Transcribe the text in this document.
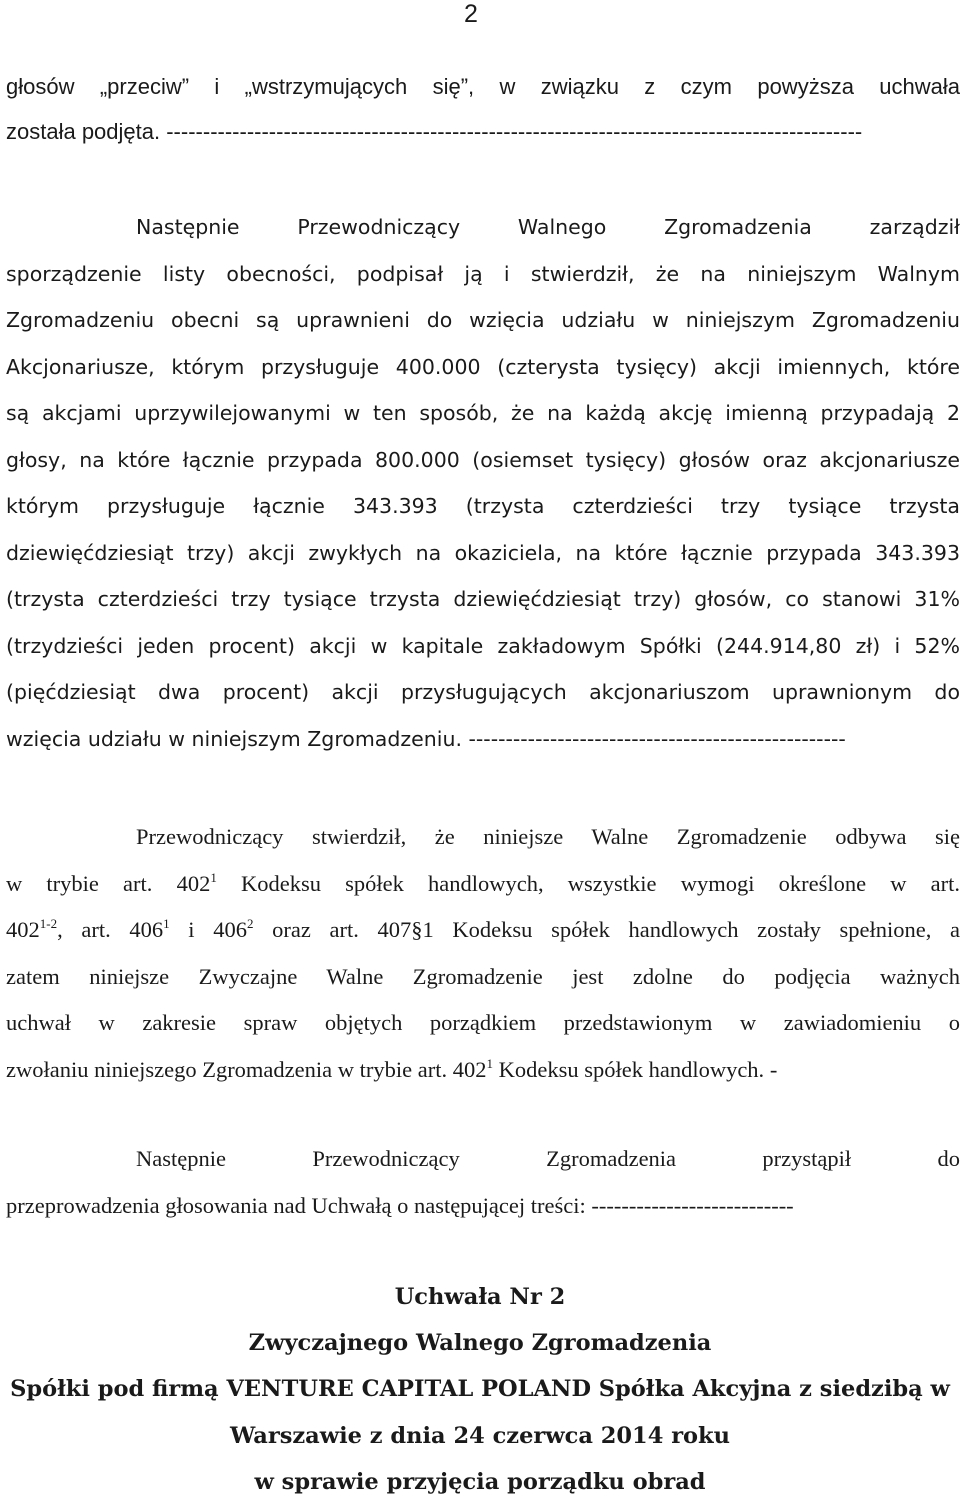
2
głosów „przeciw” i „wstrzymujących się”, w związku z czym powyższa uchwała
została podjęta. -----------------------------------------------------------------------------------------------
Następnie Przewodniczący Walnego Zgromadzenia zarządził
sporządzenie listy obecności, podpisał ją i stwierdził, że na niniejszym Walnym
Zgromadzeniu obecni są uprawnieni do wzięcia udziału w niniejszym Zgromadzeniu
Akcjonariusze, którym przysługuje 400.000 (czterysta tysięcy) akcji imiennych, które
są akcjami uprzywilejowanymi w ten sposób, że na każdą akcję imienną przypadają 2
głosy, na które łącznie przypada 800.000 (osiemset tysięcy) głosów oraz akcjonariusze
którym przysługuje łącznie 343.393 (trzysta czterdzieści trzy tysiące trzysta
dziewięćdziesiąt trzy) akcji zwykłych na okaziciela, na które łącznie przypada 343.393
(trzysta czterdzieści trzy tysiące trzysta dziewięćdziesiąt trzy) głosów, co stanowi 31%
(trzydzieści jeden procent) akcji w kapitale zakładowym Spółki (244.914,80 zł) i 52%
(pięćdziesiąt dwa procent) akcji przysługujących akcjonariuszom uprawnionym do
wzięcia udziału w niniejszym Zgromadzeniu. ---------------------------------------------------
Przewodniczący stwierdził, że niniejsze Walne Zgromadzenie odbywa się
w trybie art. $402^1$ Kodeksu spółek handlowych, wszystkie wymogi określone w art.
402$^{1-2}$, art. $406^1$ i $406^2$ oraz art. 407§1 Kodeksu spółek handlowych zostały spełnione, a
zatem niniejsze Zwyczajne Walne Zgromadzenie jest zdolne do podjęcia ważnych
uchwał w zakresie spraw objętych porządkiem przedstawionym w zawiadomieniu o
zwołaniu niniejszego Zgromadzenia w trybie art. $402^1$ Kodeksu spółek handlowych. -
Następnie Przewodniczący Zgromadzenia przystąpił do
przeprowadzenia głosowania nad Uchwałą o następującej treści: ---------------------------
Uchwała Nr 2
Zwyczajnego Walnego Zgromadzenia
Spółki pod firmą VENTURE CAPITAL POLAND Spółka Akcyjna z siedzibą w
Warszawie z dnia 24 czerwca 2014 roku
w sprawie przyjęcia porządku obrad
